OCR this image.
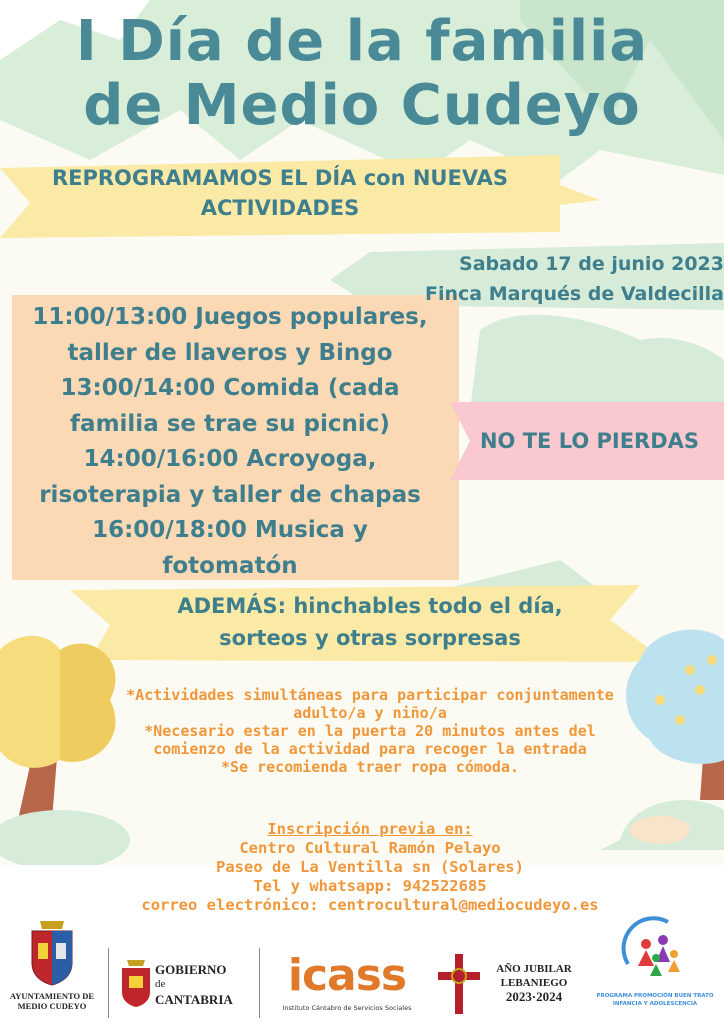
I Día de la familia
de Medio Cudeyo
REPROGRAMAMOS EL DÍA con NUEVAS
ACTIVIDADES
Sabado 17 de junio 2023
Finca Marqués de Valdecilla
11:00/13:00 Juegos populares,
taller de llaveros y Bingo
13:00/14:00 Comida (cada
familia se trae su picnic)
14:00/16:00 Acroyoga,
risoterapia y taller de chapas
16:00/18:00 Musica y
fotomatón
NO TE LO PIERDAS
ADEMÁS: hinchables todo el día,
sorteos y otras sorpresas
*Actividades simultáneas para participar conjuntamente
adulto/a y niño/a
*Necesario estar en la puerta 20 minutos antes del
comienzo de la actividad para recoger la entrada
*Se recomienda traer ropa cómoda.
Inscripción previa en:
Centro Cultural Ramón Pelayo
Paseo de La Ventilla sn (Solares)
Tel y whatsapp: 942522685
correo electrónico: centrocultural@mediocudeyo.es
AYUNTAMIENTO DE
MEDIO CUDEYO
GOBIERNO
de
CANTABRIA	icass
Instituto Cántabro de Servicios Sociales
AÑO JUBILAR
LEBANIEGO
2023·2024	PROGRAMA PROMOCIÓN BUEN TRATO
INFANCIA Y ADOLESCENCIA
